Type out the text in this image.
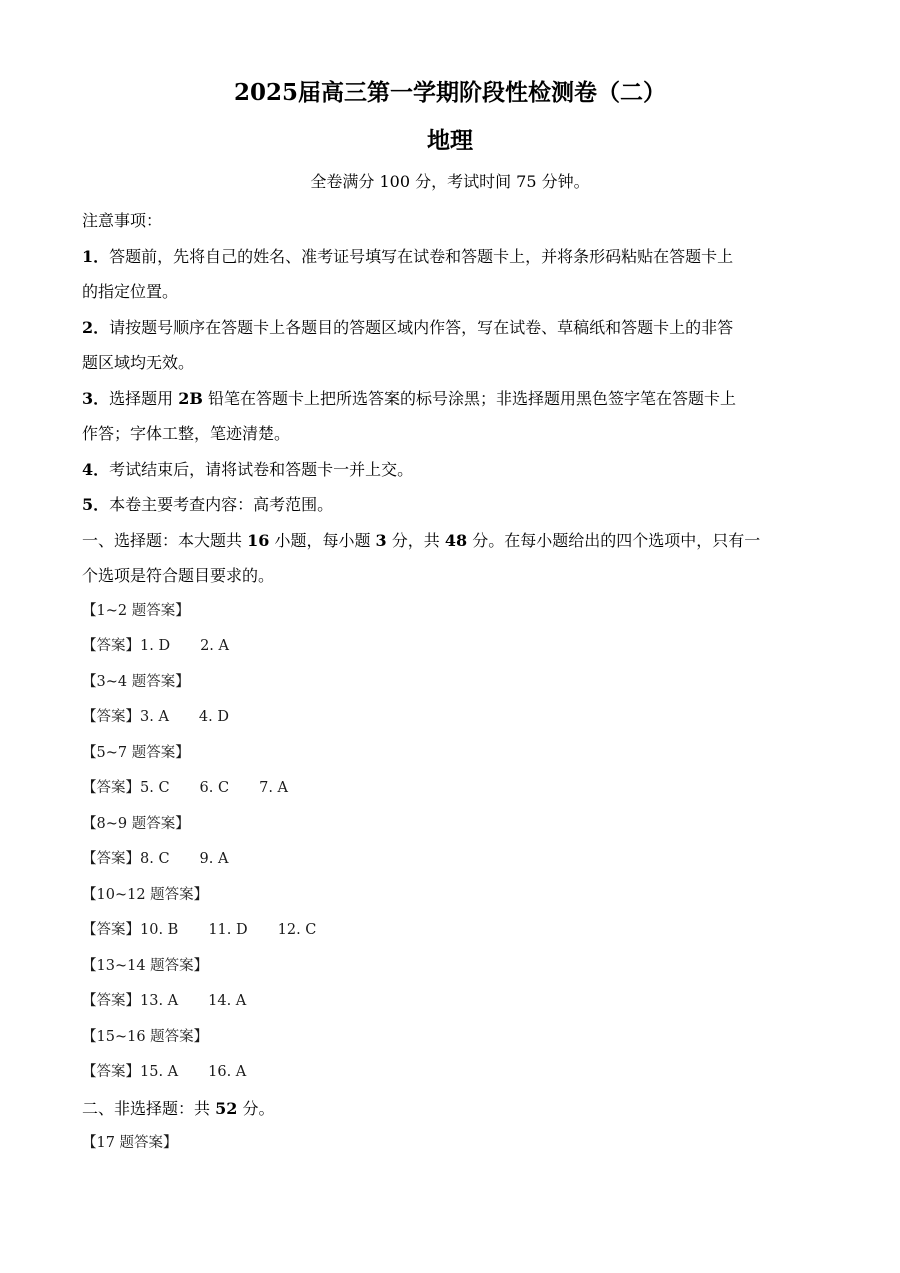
2025届高三第一学期阶段性检测卷（二）
地理
全卷满分 100 分，考试时间 75 分钟。
注意事项：
1．答题前，先将自己的姓名、准考证号填写在试卷和答题卡上，并将条形码粘贴在答题卡上
的指定位置。
2．请按题号顺序在答题卡上各题目的答题区域内作答，写在试卷、草稿纸和答题卡上的非答
题区域均无效。
3．选择题用 2B 铅笔在答题卡上把所选答案的标号涂黑；非选择题用黑色签字笔在答题卡上
作答；字体工整，笔迹清楚。
4．考试结束后，请将试卷和答题卡一并上交。
5．本卷主要考查内容：高考范围。
一、选择题：本大题共 16 小题，每小题 3 分，共 48 分。在每小题给出的四个选项中，只有一
个选项是符合题目要求的。
【1~2 题答案】
【答案】1. D 2. A
【3~4 题答案】
【答案】3. A 4. D
【5~7 题答案】
【答案】5. C 6. C 7. A
【8~9 题答案】
【答案】8. C 9. A
【10~12 题答案】
【答案】10. B 11. D 12. C
【13~14 题答案】
【答案】13. A 14. A
【15~16 题答案】
【答案】15. A 16. A
二、非选择题：共 52 分。
【17 题答案】
